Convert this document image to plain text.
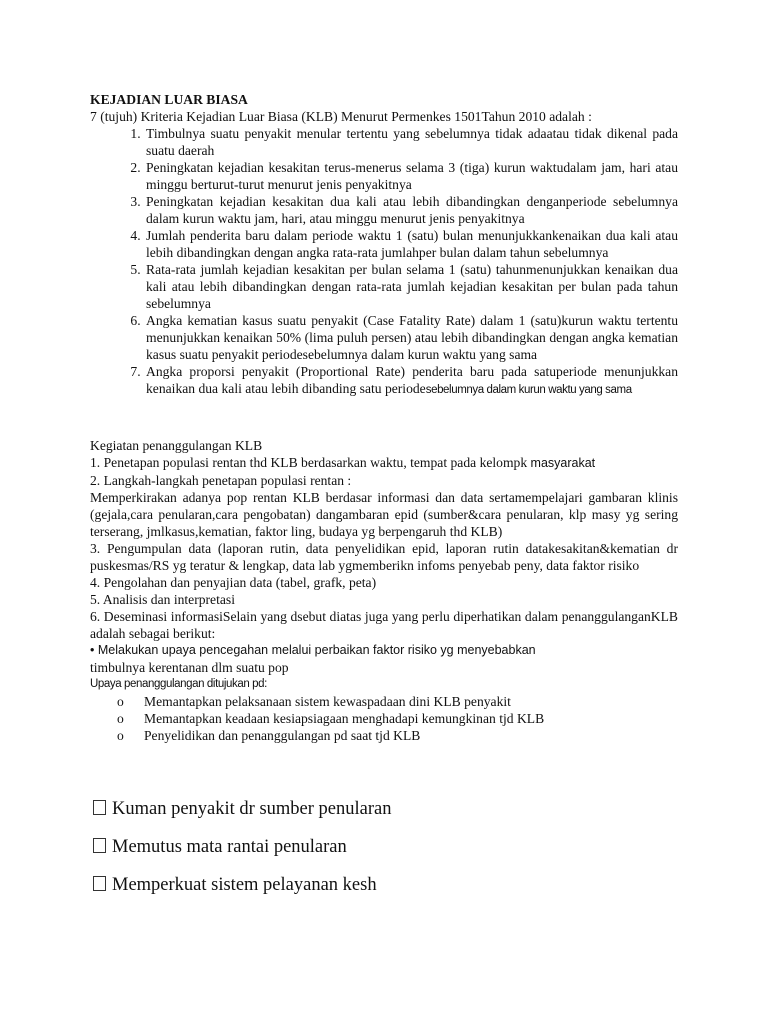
KEJADIAN LUAR BIASA

7 (tujuh) Kriteria Kejadian Luar Biasa (KLB) Menurut Permenkes 1501Tahun 2010 adalah :

1. Timbulnya suatu penyakit menular tertentu yang sebelumnya tidak adaatau tidak dikenal pada suatu daerah
2. Peningkatan kejadian kesakitan terus-menerus selama 3 (tiga) kurun waktudalam jam, hari atau minggu berturut-turut menurut jenis penyakitnya
3. Peningkatan kejadian kesakitan dua kali atau lebih dibandingkan denganperiode sebelumnya dalam kurun waktu jam, hari, atau minggu menurut jenis penyakitnya
4. Jumlah penderita baru dalam periode waktu 1 (satu) bulan menunjukkankenaikan dua kali atau lebih dibandingkan dengan angka rata-rata jumlahper bulan dalam tahun sebelumnya
5. Rata-rata jumlah kejadian kesakitan per bulan selama 1 (satu) tahunmenunjukkan kenaikan dua kali atau lebih dibandingkan dengan rata-rata jumlah kejadian kesakitan per bulan pada tahun sebelumnya
6. Angka kematian kasus suatu penyakit (Case Fatality Rate) dalam 1 (satu)kurun waktu tertentu menunjukkan kenaikan 50% (lima puluh persen) atau lebih dibandingkan dengan angka kematian kasus suatu penyakit periodesebelumnya dalam kurun waktu yang sama
7. Angka proporsi penyakit (Proportional Rate) penderita baru pada satuperiode menunjukkan kenaikan dua kali atau lebih dibanding satu periodesebelumnya dalam kurun waktu yang sama

Kegiatan penanggulangan KLB

1. Penetapan populasi rentan thd KLB berdasarkan waktu, tempat pada kelompk masyarakat

2. Langkah-langkah penetapan populasi rentan :

Memperkirakan adanya pop rentan KLB berdasar informasi dan data sertamempelajari gambaran klinis (gejala,cara penularan,cara pengobatan) dangambaran epid (sumber&cara penularan, klp masy yg sering terserang, jmlkasus,kematian, faktor ling, budaya yg berpengaruh thd KLB)

3. Pengumpulan data (laporan rutin, data penyelidikan epid, laporan rutin datakesakitan&kematian dr puskesmas/RS yg teratur & lengkap, data lab ygmemberikn infoms penyebab peny, data faktor risiko

4. Pengolahan dan penyajian data (tabel, grafk, peta)

5. Analisis dan interpretasi

6. Deseminasi informasiSelain yang dsebut diatas juga yang perlu diperhatikan dalam penanggulanganKLB adalah sebagai berikut:

• Melakukan upaya pencegahan melalui perbaikan faktor risiko yg menyebabkan

timbulnya kerentanan dlm suatu pop

Upaya penanggulangan ditujukan pd:

o Memantapkan pelaksanaan sistem kewaspadaan dini KLB penyakit
o Memantapkan keadaan kesiapsiagaan menghadapi kemungkinan tjd KLB
o Penyelidikan dan penanggulangan pd saat tjd KLB
Kuman penyakit dr sumber penularan
Memutus mata rantai penularan
Memperkuat sistem pelayanan kesh
